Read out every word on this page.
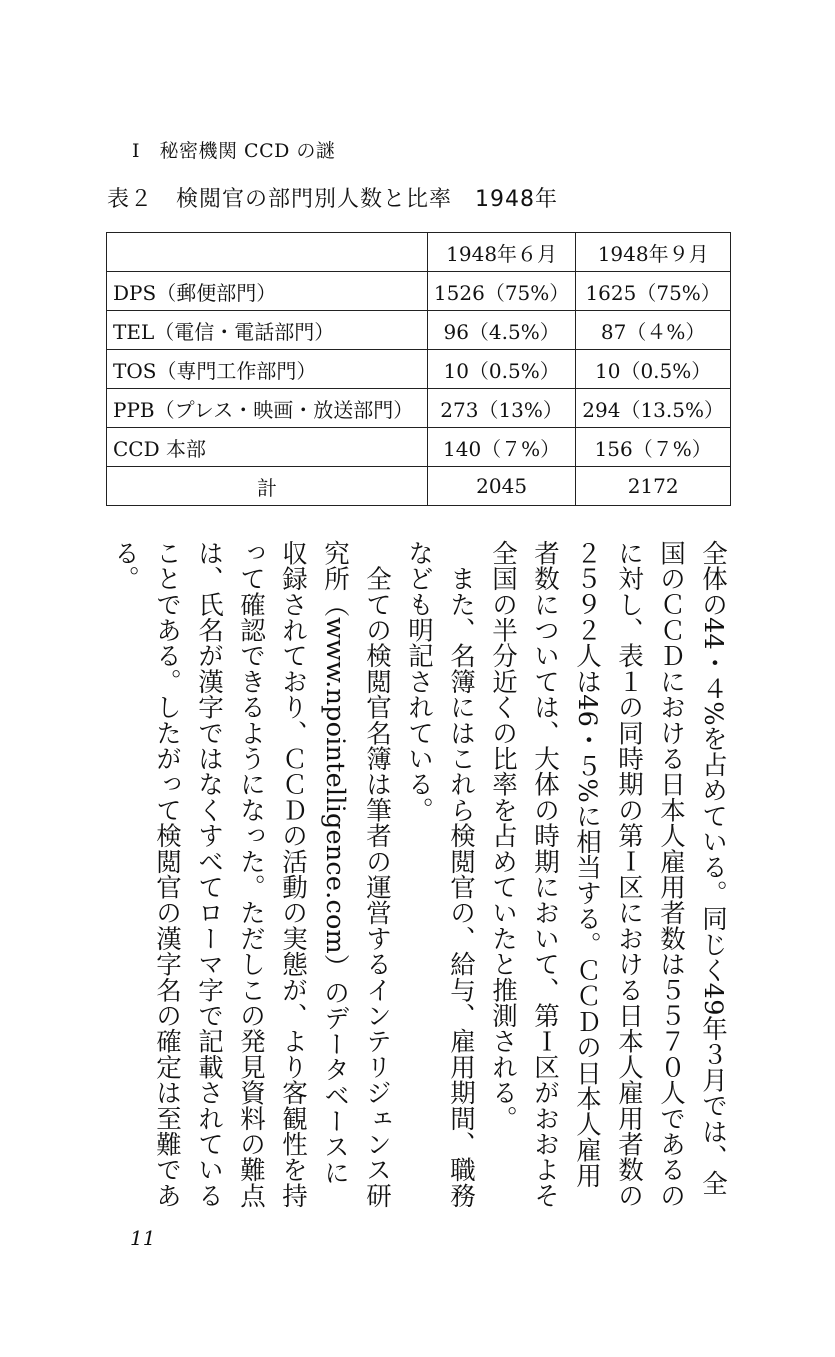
I　秘密機関 CCD の謎
表２　検閲官の部門別人数と比率　1948年
	1948年６月	1948年９月
DPS（郵便部門）	1526（75%）	1625（75%）
TEL（電信・電話部門）	96（4.5%）	87（４%）
TOS（専門工作部門）	10（0.5%）	10（0.5%）
PPB（プレス・映画・放送部門）	273（13%）	294（13.5%）
CCD 本部	140（７%）	156（７%）
計	2045	2172

全体の44・４%を占めている。同じく49年３月では、全国のＣＣＤにおける日本人雇用者数は５５７０人であるのに対し、表１の同時期の第Ｉ区における日本人雇用者数の２５９２人は46・５%に相当する。ＣＣＤの日本人雇用者数については、大体の時期において、第Ｉ区がおおよそ全国の半分近くの比率を占めていたと推測される。

　また、名簿にはこれら検閲官の、給与、雇用期間、職務なども明記されている。

　全ての検閲官名簿は筆者の運営するインテリジェンス研究所（www.npointelligence.com）のデータベースに収録されており、ＣＣＤの活動の実態が、より客観性を持って確認できるようになった。ただしこの発見資料の難点は、氏名が漢字ではなくすべてローマ字で記載されていることである。したがって検閲官の漢字名の確定は至難である。

11
